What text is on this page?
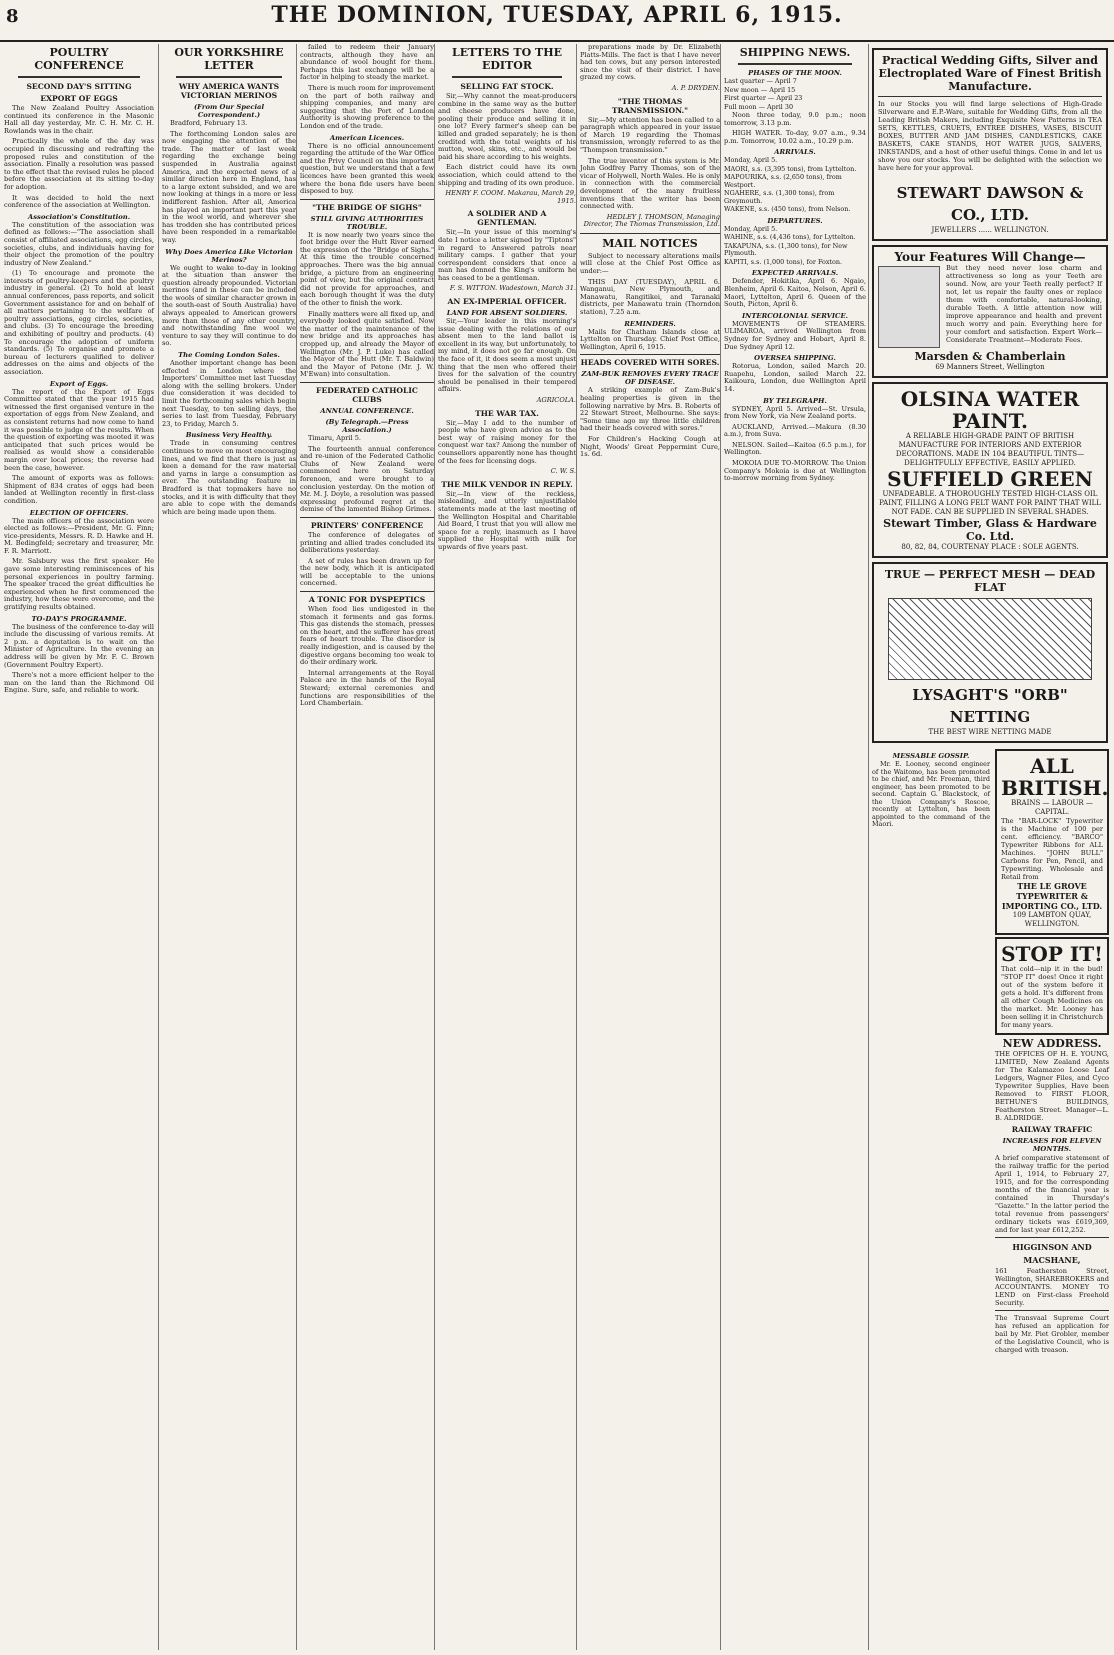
8	THE DOMINION, TUESDAY, APRIL 6, 1915.
POULTRY CONFERENCE
SECOND DAY'S SITTING
EXPORT OF EGGS

The New Zealand Poultry Association continued its conference in the Masonic Hall all day yesterday, Mr. C. H. Mr. C. H. Rowlands was in the chair.

Practically the whole of the day was occupied in discussing and redrafting the proposed rules and constitution of the association. Finally a resolution was passed to the effect that the revised rules be placed before the association at its sitting to-day for adoption.

It was decided to hold the next conference of the association at Wellington.

Association's Constitution.

The constitution of the association was defined as follows:—"The association shall consist of affiliated associations, egg circles, societies, clubs, and individuals having for their object the promotion of the poultry industry of New Zealand."

(1) To encourage and promote the interests of poultry-keepers and the poultry industry in general. (2) To hold at least annual conferences, pass reports, and solicit Government assistance for and on behalf of all matters pertaining to the welfare of poultry associations, egg circles, societies, and clubs. (3) To encourage the breeding and exhibiting of poultry and products. (4) To encourage the adoption of uniform standards. (5) To organise and promote a bureau of lecturers qualified to deliver addresses on the aims and objects of the association.

Export of Eggs.

The report of the Export of Eggs Committee stated that the year 1915 had witnessed the first organised venture in the exportation of eggs from New Zealand, and as consistent returns had now come to hand it was possible to judge of the results. When the question of exporting was mooted it was anticipated that such prices would be realised as would show a considerable margin over local prices; the reverse had been the case, however.

The amount of exports was as follows: Shipment of 834 crates of eggs had been landed at Wellington recently in first-class condition.

ELECTION OF OFFICERS.

The main officers of the association were elected as follows:—President, Mr. G. Finn; vice-presidents, Messrs. R. D. Hawke and H. M. Bedingfeld; secretary and treasurer, Mr. F. R. Marriott.

Mr. Salsbury was the first speaker. He gave some interesting reminiscences of his personal experiences in poultry farming. The speaker traced the great difficulties he experienced when he first commenced the industry, how these were overcome, and the gratifying results obtained.

TO-DAY'S PROGRAMME.

The business of the conference to-day will include the discussing of various remits. At 2 p.m. a deputation is to wait on the Minister of Agriculture. In the evening an address will be given by Mr. F. C. Brown (Government Poultry Expert).

There's not a more efficient helper to the man on the land than the Richmond Oil Engine. Sure, safe, and reliable to work.

OUR YORKSHIRE LETTER
WHY AMERICA WANTS VICTORIAN MERINOS
(From Our Special Correspondent.)

Bradford, February 13.

The forthcoming London sales are now engaging the attention of the trade. The matter of last week regarding the exchange being suspended in Australia against America, and the expected news of a similar direction here in England, has to a large extent subsided, and we are now looking at things in a more or less indifferent fashion. After all, America has played an important part this year in the wool world, and wherever she has trodden she has contributed prices have been responded in a remarkable way.

Why Does America Like Victorian Merinos?

We ought to wake to-day in looking at the situation than answer the question already propounded. Victorian merinos (and in these can be included the wools of similar character grown in the south-east of South Australia) have always appealed to American growers more than those of any other country, and notwithstanding fine wool we venture to say they will continue to do so.

The Coming London Sales.

Another important change has been effected in London where the Importers' Committee met last Tuesday along with the selling brokers. Under due consideration it was decided to limit the forthcoming sales which begin next Tuesday, to ten selling days, the series to last from Tuesday, February 23, to Friday, March 5.

Business Very Healthy.

Trade in consuming centres continues to move on most encouraging lines, and we find that there is just as keen a demand for the raw material and yarns in large a consumption as ever. The outstanding feature in Bradford is that topmakers have no stocks, and it is with difficulty that they are able to cope with the demands which are being made upon them.

failed to redeem their January contracts, although they have an abundance of wool bought for them. Perhaps this last exchange will be a factor in helping to steady the market.

There is much room for improvement on the part of both railway and shipping companies, and many are suggesting that the Port of London Authority is showing preference to the London end of the trade.

American Licences.

There is no official announcement regarding the attitude of the War Office and the Privy Council on this important question, but we understand that a few licences have been granted this week where the bona fide users have been disposed to buy.

"THE BRIDGE OF SIGHS"
STILL GIVING AUTHORITIES TROUBLE.

It is now nearly two years since the foot bridge over the Hutt River earned the expression of the "Bridge of Sighs." At this time the trouble concerned approaches. There was the big annual bridge, a picture from an engineering point of view, but the original contract did not provide for approaches, and each borough thought it was the duty of the other to finish the work.

Finally matters were all fixed up, and everybody looked quite satisfied. Now the matter of the maintenance of the new bridge and its approaches has cropped up, and already the Mayor of Wellington (Mr. J. P. Luke) has called the Mayor of the Hutt (Mr. T. Baldwin) and the Mayor of Petone (Mr. J. W. M'Ewan) into consultation.

FEDERATED CATHOLIC CLUBS
ANNUAL CONFERENCE.
(By Telegraph.—Press Association.)

Timaru, April 5.

The fourteenth annual conference and re-union of the Federated Catholic Clubs of New Zealand were commenced here on Saturday forenoon, and were brought to a conclusion yesterday. On the motion of Mr. M. J. Doyle, a resolution was passed expressing profound regret at the demise of the lamented Bishop Grimes.

PRINTERS' CONFERENCE

The conference of delegates of printing and allied trades concluded its deliberations yesterday.

A set of rules has been drawn up for the new body, which it is anticipated will be acceptable to the unions concerned.

A TONIC FOR DYSPEPTICS

When food lies undigested in the stomach it ferments and gas forms. This gas distends the stomach, presses on the heart, and the sufferer has great fears of heart trouble. The disorder is really indigestion, and is caused by the digestive organs becoming too weak to do their ordinary work.

Internal arrangements at the Royal Palace are in the hands of the Royal Steward; external ceremonies and functions are responsibilities of the Lord Chamberlain.

LETTERS TO THE EDITOR
SELLING FAT STOCK.

Sir,—Why cannot the meat-producers combine in the same way as the butter and cheese producers have done, pooling their produce and selling it in one lot? Every farmer's sheep can be killed and graded separately; he is then credited with the total weights of his mutton, wool, skins, etc., and would be paid his share according to his weights.

Each district could have its own association, which could attend to the shipping and trading of its own produce.

HENRY F. COOM. Makarau, March 29, 1915.
A SOLDIER AND A GENTLEMAN.

Sir,—In your issue of this morning's date I notice a letter signed by "Tiptons" in regard to Answered patrols near military camps. I gather that your correspondent considers that once a man has donned the King's uniform he has ceased to be a gentleman.

F. S. WITTON. Wadestown, March 31.
AN EX-IMPERIAL OFFICER.
LAND FOR ABSENT SOLDIERS.

Sir,—Your leader in this morning's issue dealing with the relations of our absent men to the land ballot is excellent in its way, but unfortunately, to my mind, it does not go far enough. On the face of it, it does seem a most unjust thing that the men who offered their lives for the salvation of the country should be penalised in their tempered affairs.

AGRICOLA.
THE WAR TAX.

Sir,—May I add to the number of people who have given advice as to the best way of raising money for the conquest war tax? Among the number of counsellors apparently none has thought of the fees for licensing dogs.

C. W. S.
THE MILK VENDOR IN REPLY.

Sir,—In view of the reckless, misleading, and utterly unjustifiable statements made at the last meeting of the Wellington Hospital and Charitable Aid Board, I trust that you will allow me space for a reply, inasmuch as I have supplied the Hospital with milk for upwards of five years past.

preparations made by Dr. Elizabeth Platts-Mills. The fact is that I have never had ten cows, but any person interested since the visit of their district. I have grazed my cows.

A. P. DRYDEN.
"THE THOMAS TRANSMISSION."

Sir,—My attention has been called to a paragraph which appeared in your issue of March 19 regarding the Thomas transmission, wrongly referred to as the "Thompson transmission."

The true inventor of this system is Mr. John Godfrey Parry Thomas, son of the vicar of Holywell, North Wales. He is only in connection with the commercial development of the many fruitless inventions that the writer has been connected with.

HEDLEY J. THOMSON, Managing Director, The Thomas Transmission, Ltd.
MAIL NOTICES

Subject to necessary alterations mails will close at the Chief Post Office as under:—

THIS DAY (TUESDAY), APRIL 6. Wanganui, New Plymouth, and Manawatu, Rangitikei, and Taranaki districts, per Manawatu train (Thorndon station), 7.25 a.m.

REMINDERS.

Mails for Chatham Islands close at Lyttelton on Thursday. Chief Post Office, Wellington, April 6, 1915.

HEADS COVERED WITH SORES.
ZAM-BUK REMOVES EVERY TRACE OF DISEASE.

A striking example of Zam-Buk's healing properties is given in the following narrative by Mrs. B. Roberts of 22 Stewart Street, Melbourne. She says: "Some time ago my three little children had their heads covered with sores."

For Children's Hacking Cough at Night, Woods' Great Peppermint Cure, 1s. 6d.

SHIPPING NEWS.
PHASES OF THE MOON.
Last quarter — April 7
New moon — April 15
First quarter — April 23
Full moon — April 30

Noon three today, 9.0 p.m.; noon tomorrow, 3.13 p.m.

HIGH WATER. To-day, 9.07 a.m., 9.34 p.m. Tomorrow, 10.02 a.m., 10.29 p.m.

ARRIVALS.
Monday, April 5.
MAORI, s.s. (3,395 tons), from Lyttelton.
MAPOURIKA, s.s. (2,650 tons), from Westport.
NGAHERE, s.s. (1,300 tons), from Greymouth.
WAKENE, s.s. (450 tons), from Nelson.
DEPARTURES.
Monday, April 5.
WAHINE, s.s. (4,436 tons), for Lyttelton.
TAKAPUNA, s.s. (1,300 tons), for New Plymouth.
KAPITI, s.s. (1,000 tons), for Foxton.
EXPECTED ARRIVALS.

Defender, Hokitika, April 6. Ngaio, Blenheim, April 6. Kaitoa, Nelson, April 6. Maori, Lyttelton, April 6. Queen of the South, Picton, April 6.

INTERCOLONIAL SERVICE.

MOVEMENTS OF STEAMERS. ULIMAROA, arrived Wellington from Sydney for Sydney and Hobart, April 8. Due Sydney April 12.

OVERSEA SHIPPING.

Rotorua, London, sailed March 20. Ruapehu, London, sailed March 22. Kaikoura, London, due Wellington April 14.

BY TELEGRAPH.

SYDNEY, April 5. Arrived—St. Ursula, from New York, via New Zealand ports.

AUCKLAND, Arrived.—Makura (8.30 a.m.), from Suva.

NELSON. Sailed—Kaitoa (6.5 p.m.), for Wellington.

MOKOIA DUE TO-MORROW. The Union Company's Mokoia is due at Wellington to-morrow morning from Sydney.

Practical Wedding Gifts, Silver and Electroplated Ware of Finest British Manufacture.
In our Stocks you will find large selections of High-Grade Silverware and E.P.-Ware, suitable for Wedding Gifts, from all the Leading British Makers, including Exquisite New Patterns in TEA SETS, KETTLES, CRUETS, ENTREE DISHES, VASES, BISCUIT BOXES, BUTTER AND JAM DISHES, CANDLESTICKS, CAKE BASKETS, CAKE STANDS, HOT WATER JUGS, SALVERS, INKSTANDS, and a host of other useful things. Come in and let us show you our stocks. You will be delighted with the selection we have here for your approval.
STEWART DAWSON & CO., LTD.
JEWELLERS ...... WELLINGTON.
Your Features Will Change—
But they need never lose charm and attractiveness so long as your Teeth are sound. Now, are your Teeth really perfect? If not, let us repair the faulty ones or replace them with comfortable, natural-looking, durable Teeth. A little attention now will improve appearance and health and prevent much worry and pain. Everything here for your comfort and satisfaction. Expert Work—Considerate Treatment—Moderate Fees.
Marsden & Chamberlain
69 Manners Street, Wellington
OLSINA WATER PAINT.
A RELIABLE HIGH-GRADE PAINT OF BRITISH MANUFACTURE FOR INTERIORS AND EXTERIOR DECORATIONS. MADE IN 104 BEAUTIFUL TINTS—DELIGHTFULLY EFFECTIVE, EASILY APPLIED.
SUFFIELD GREEN
UNFADEABLE. A THOROUGHLY TESTED HIGH-CLASS OIL PAINT, FILLING A LONG FELT WANT FOR PAINT THAT WILL NOT FADE. CAN BE SUPPLIED IN SEVERAL SHADES.
Stewart Timber, Glass & Hardware Co. Ltd.
80, 82, 84, COURTENAY PLACE : SOLE AGENTS.
TRUE — PERFECT MESH — DEAD FLAT
LYSAGHT'S "ORB" NETTING
THE BEST WIRE NETTING MADE
MESSABLE GOSSIP.

Mr. E. Looney, second engineer of the Waitomo, has been promoted to be chief, and Mr. Freeman, third engineer, has been promoted to be second. Captain G. Blackstock, of the Union Company's Roscoe, recently at Lyttelton, has been appointed to the command of the Maori.

ALL BRITISH.
BRAINS — LABOUR — CAPITAL.
The "BAR-LOCK" Typewriter is the Machine of 100 per cent. efficiency. "BARCO" Typewriter Ribbons for ALL Machines. "JOHN BULL" Carbons for Pen, Pencil, and Typewriting. Wholesale and Retail from
THE LE GROVE TYPEWRITER & IMPORTING CO., LTD.
109 LAMBTON QUAY, WELLINGTON.
STOP IT!
That cold—nip it in the bud! "STOP IT" does! Once it right out of the system before it gets a hold. It's different from all other Cough Medicines on the market. Mr. Looney has been selling it in Christchurch for many years.
NEW ADDRESS.
THE OFFICES OF H. E. YOUNG, LIMITED, New Zealand Agents for The Kalamazoo Loose Leaf Ledgers, Wagner Files, and Cyco Typewriter Supplies, Have been Removed to FIRST FLOOR, BETHUNE'S BUILDINGS, Featherston Street. Manager—L. B. ALDRIDGE.
RAILWAY TRAFFIC
INCREASES FOR ELEVEN MONTHS.
A brief comparative statement of the railway traffic for the period April 1, 1914, to February 27, 1915, and for the corresponding months of the financial year is contained in Thursday's "Gazette." In the latter period the total revenue from passengers' ordinary tickets was £619,369, and for last year £612,252.
HIGGINSON AND MACSHANE,
161 Featherston Street, Wellington, SHAREBROKERS and ACCOUNTANTS. MONEY TO LEND on First-class Freehold Security.
The Transvaal Supreme Court has refused an application for bail by Mr. Piet Grobler, member of the Legislative Council, who is charged with treason.
